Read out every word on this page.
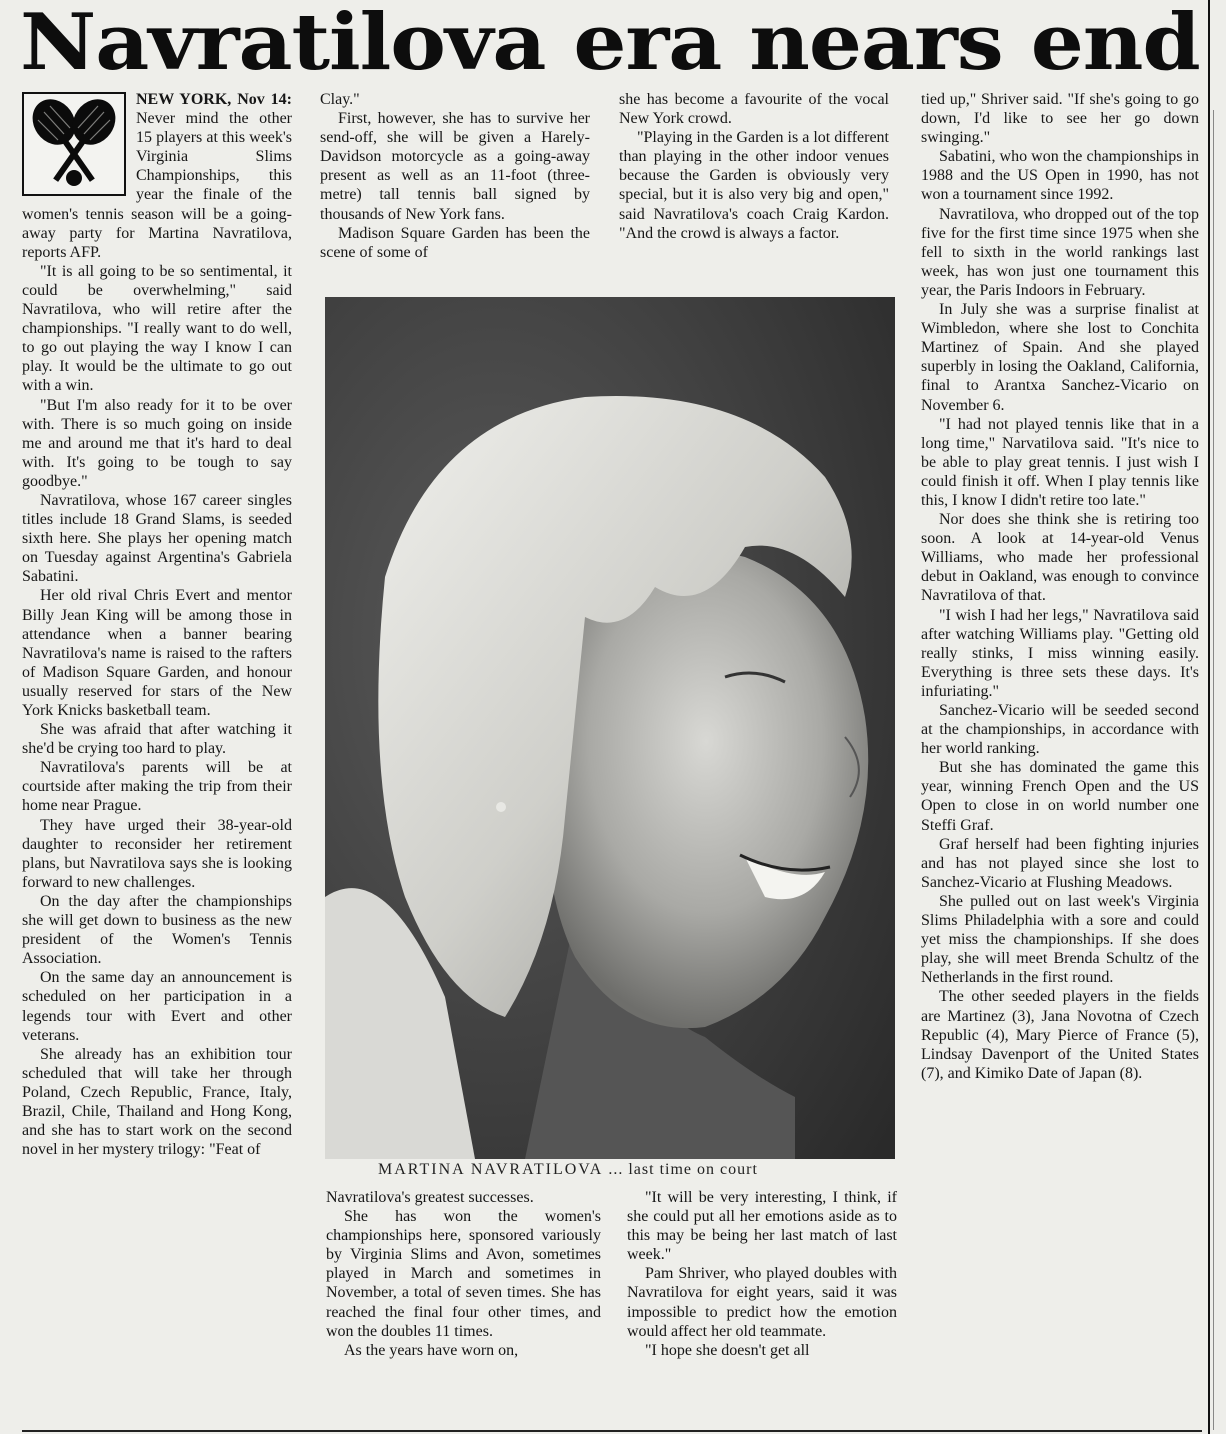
Navratilova era nears end

NEW YORK, Nov 14: Never mind the other 15 players at this week's Virginia Slims Championships, this year the finale of the women's tennis season will be a going-away party for Martina Navratilova, reports AFP.

"It is all going to be so sentimental, it could be overwhelming," said Navratilova, who will retire after the championships. "I really want to do well, to go out playing the way I know I can play. It would be the ultimate to go out with a win.

"But I'm also ready for it to be over with. There is so much going on inside me and around me that it's hard to deal with. It's going to be tough to say goodbye."

Navratilova, whose 167 career singles titles include 18 Grand Slams, is seeded sixth here. She plays her opening match on Tuesday against Argentina's Gabriela Sabatini.

Her old rival Chris Evert and mentor Billy Jean King will be among those in attendance when a banner bearing Navratilova's name is raised to the rafters of Madison Square Garden, and honour usually reserved for stars of the New York Knicks basketball team.

She was afraid that after watching it she'd be crying too hard to play.

Navratilova's parents will be at courtside after making the trip from their home near Prague.

They have urged their 38-year-old daughter to reconsider her retirement plans, but Navratilova says she is looking forward to new challenges.

On the day after the championships she will get down to business as the new president of the Women's Tennis Association.

On the same day an announcement is scheduled on her participation in a legends tour with Evert and other veterans.

She already has an exhibition tour scheduled that will take her through Poland, Czech Republic, France, Italy, Brazil, Chile, Thailand and Hong Kong, and she has to start work on the second novel in her mystery trilogy: "Feat of

Clay."

First, however, she has to survive her send-off, she will be given a Harely-Davidson motorcycle as a going-away present as well as an 11-foot (three-metre) tall tennis ball signed by thousands of New York fans.

Madison Square Garden has been the scene of some of

she has become a favourite of the vocal New York crowd.

"Playing in the Garden is a lot different than playing in the other indoor venues because the Garden is obviously very special, but it is also very big and open," said Navratilova's coach Craig Kardon. "And the crowd is always a factor.

MARTINA NAVRATILOVA ... last time on court

Navratilova's greatest successes.

She has won the women's championships here, sponsored variously by Virginia Slims and Avon, sometimes played in March and sometimes in November, a total of seven times. She has reached the final four other times, and won the doubles 11 times.

As the years have worn on,

"It will be very interesting, I think, if she could put all her emotions aside as to this may be being her last match of last week."

Pam Shriver, who played doubles with Navratilova for eight years, said it was impossible to predict how the emotion would affect her old teammate.

"I hope she doesn't get all

tied up," Shriver said. "If she's going to go down, I'd like to see her go down swinging."

Sabatini, who won the championships in 1988 and the US Open in 1990, has not won a tournament since 1992.

Navratilova, who dropped out of the top five for the first time since 1975 when she fell to sixth in the world rankings last week, has won just one tournament this year, the Paris Indoors in February.

In July she was a surprise finalist at Wimbledon, where she lost to Conchita Martinez of Spain. And she played superbly in losing the Oakland, California, final to Arantxa Sanchez-Vicario on November 6.

"I had not played tennis like that in a long time," Narvatilova said. "It's nice to be able to play great tennis. I just wish I could finish it off. When I play tennis like this, I know I didn't retire too late."

Nor does she think she is retiring too soon. A look at 14-year-old Venus Williams, who made her professional debut in Oakland, was enough to convince Navratilova of that.

"I wish I had her legs," Navratilova said after watching Williams play. "Getting old really stinks, I miss winning easily. Everything is three sets these days. It's infuriating."

Sanchez-Vicario will be seeded second at the championships, in accordance with her world ranking.

But she has dominated the game this year, winning French Open and the US Open to close in on world number one Steffi Graf.

Graf herself had been fighting injuries and has not played since she lost to Sanchez-Vicario at Flushing Meadows.

She pulled out on last week's Virginia Slims Philadelphia with a sore and could yet miss the championships. If she does play, she will meet Brenda Schultz of the Netherlands in the first round.

The other seeded players in the fields are Martinez (3), Jana Novotna of Czech Republic (4), Mary Pierce of France (5), Lindsay Davenport of the United States (7), and Kimiko Date of Japan (8).
